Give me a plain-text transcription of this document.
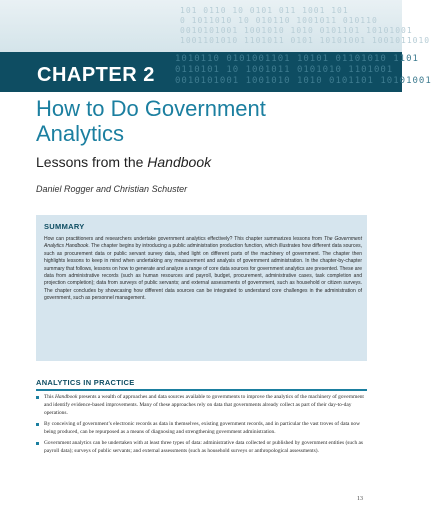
101 0110 10 0101 011 1001 101
0 1011010 10 010110 1001011 010110
0010101001 1001010 1010 0101101 10101001
1001101010 1101011 0101 10101001 1001011010
1010110 0101001101 10101 01101010 1101
0110101 10 1001011 0101010 1101001
0010101001 1001010 1010 0101101 10101001
CHAPTER 2
How to Do Government Analytics
Lessons from the Handbook
Daniel Rogger and Christian Schuster
SUMMARY
How can practitioners and researchers undertake government analytics effectively? This chapter summarizes lessons from The Government Analytics Handbook. The chapter begins by introducing a public administration production function, which illustrates how different data sources, such as procurement data or public servant survey data, shed light on different parts of the machinery of government. The chapter then highlights lessons to keep in mind when undertaking any measurement and analysis of government administration. In the chapter-by-chapter summary that follows, lessons on how to generate and analyze a range of core data sources for government analytics are presented. These are data from administrative records (such as human resources and payroll, budget, procurement, administrative cases, task completion and projection completion); data from surveys of public servants; and external assessments of government, such as household or citizen surveys. The chapter concludes by showcasing how different data sources can be integrated to understand core challenges in the administration of government, such as personnel management.
ANALYTICS IN PRACTICE
This Handbook presents a wealth of approaches and data sources available to governments to improve the analytics of the machinery of government and identify evidence-based improvements. Many of these approaches rely on data that governments already collect as part of their day-to-day operations.
By conceiving of government’s electronic records as data in themselves, existing government records, and in particular the vast troves of data now being produced, can be repurposed as a means of diagnosing and strengthening government administration.
Government analytics can be undertaken with at least three types of data: administrative data collected or published by government entities (such as payroll data); surveys of public servants; and external assessments (such as household surveys or anthropological assessments).
13
